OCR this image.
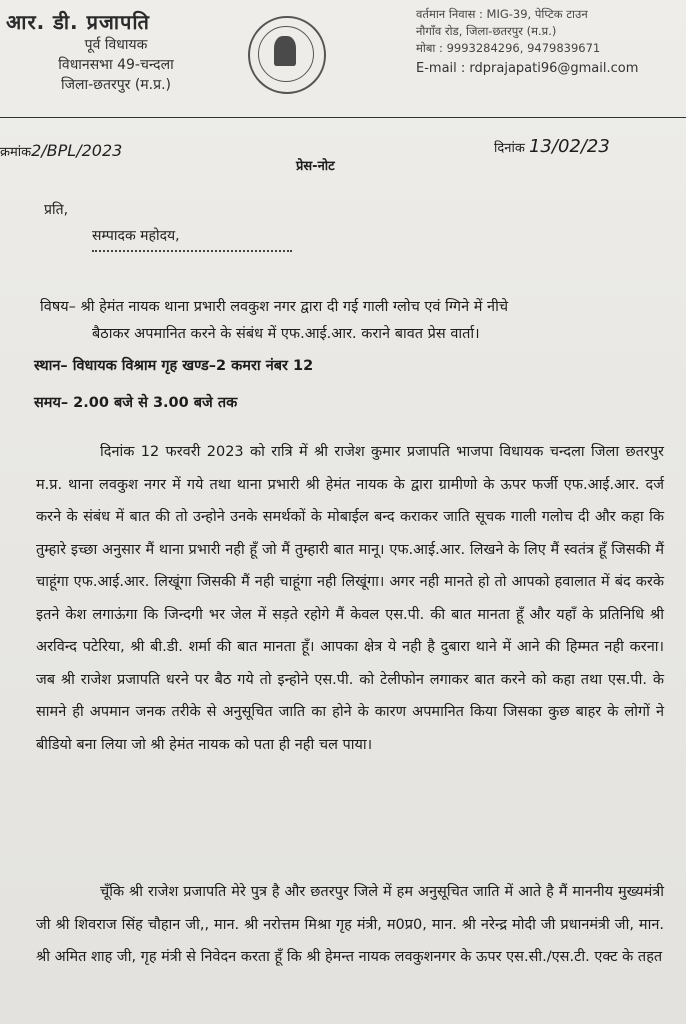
आर. डी. प्रजापति
पूर्व विधायक
विधानसभा 49-चन्दला
जिला-छतरपुर (म.प्र.)
वर्तमान निवास : MIG-39, पेप्टिक टाउन
नौगाँव रोड, जिला-छतरपुर (म.प्र.)
मोबा : 9993284296, 9479839671
E-mail : rdprajapati96@gmail.com
क्रमांक2/BPL/2023
प्रेस-नोट
दिनांक 13/02/23
प्रति,
सम्पादक महोदय,
विषय– श्री हेमंत नायक थाना प्रभारी लवकुश नगर द्वारा दी गई गाली ग्लोच एवं ग्गिने में नीचे
बैठाकर अपमानित करने के संबंध में एफ.आई.आर. कराने बावत प्रेस वार्ता।
स्थान– विधायक विश्राम गृह खण्ड–2 कमरा नंबर 12
समय– 2.00 बजे से 3.00 बजे तक
दिनांक 12 फरवरी 2023 को रात्रि में श्री राजेश कुमार प्रजापति भाजपा विधायक चन्दला जिला छतरपुर म.प्र. थाना लवकुश नगर में गये तथा थाना प्रभारी श्री हेमंत नायक के द्वारा ग्रामीणो के ऊपर फर्जी एफ.आई.आर. दर्ज करने के संबंध में बात की तो उन्होने उनके समर्थकों के मोबाईल बन्द कराकर जाति सूचक गाली गलोच दी और कहा कि तुम्हारे इच्छा अनुसार मैं थाना प्रभारी नही हूँ जो मैं तुम्हारी बात मानू। एफ.आई.आर. लिखने के लिए मैं स्वतंत्र हूँ जिसकी मैं चाहूंगा एफ.आई.आर. लिखूंगा जिसकी मैं नही चाहूंगा नही लिखूंगा। अगर नही मानते हो तो आपको हवालात में बंद करके इतने केश लगाऊंगा कि जिन्दगी भर जेल में सड़ते रहोगे मैं केवल एस.पी. की बात मानता हूँ और यहाँ के प्रतिनिधि श्री अरविन्द पटेरिया, श्री बी.डी. शर्मा की बात मानता हूँ। आपका क्षेत्र ये नही है दुबारा थाने में आने की हिम्मत नही करना। जब श्री राजेश प्रजापति धरने पर बैठ गये तो इन्होने एस.पी. को टेलीफोन लगाकर बात करने को कहा तथा एस.पी. के सामने ही अपमान जनक तरीके से अनुसूचित जाति का होने के कारण अपमानित किया जिसका कुछ बाहर के लोगों ने बीडियो बना लिया जो श्री हेमंत नायक को पता ही नही चल पाया।
चूँकि श्री राजेश प्रजापति मेरे पुत्र है और छतरपुर जिले में हम अनुसूचित जाति में आते है मैं माननीय मुख्यमंत्री जी श्री शिवराज सिंह चौहान जी,, मान. श्री नरोत्तम मिश्रा गृह मंत्री, म0प्र0, मान. श्री नरेन्द्र मोदी जी प्रधानमंत्री जी, मान. श्री अमित शाह जी, गृह मंत्री से निवेदन करता हूँ कि श्री हेमन्त नायक लवकुशनगर के ऊपर एस.सी./एस.टी. एक्ट के तहत
